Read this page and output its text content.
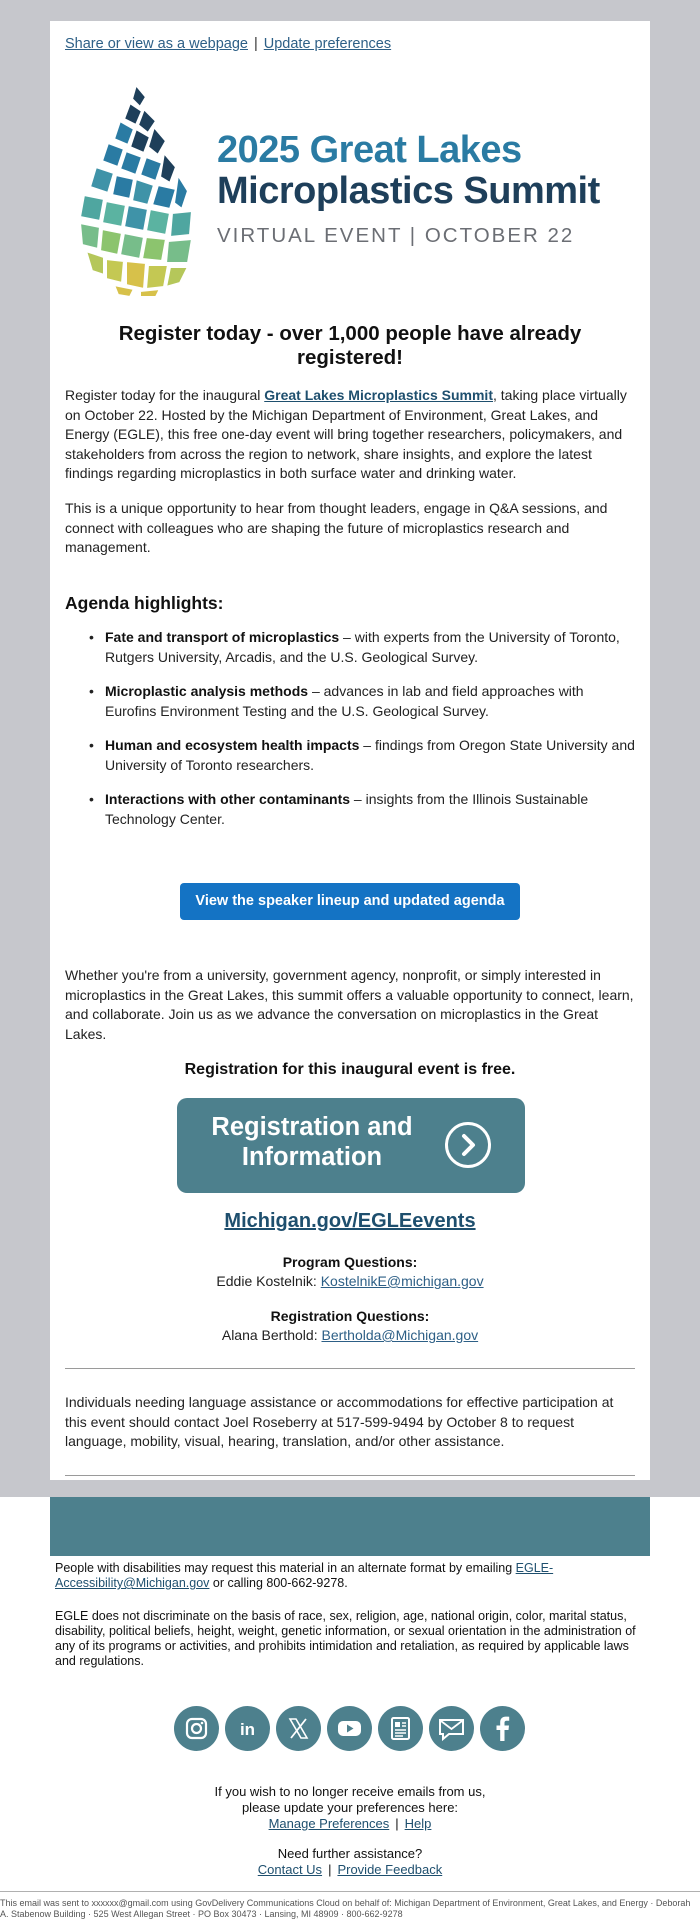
Share or view as a webpage | Update preferences
2025 Great Lakes
Microplastics Summit
VIRTUAL EVENT | OCTOBER 22
Register today - over 1,000 people have already registered!

Register today for the inaugural Great Lakes Microplastics Summit, taking place virtually on October 22. Hosted by the Michigan Department of Environment, Great Lakes, and Energy (EGLE), this free one-day event will bring together researchers, policymakers, and stakeholders from across the region to network, share insights, and explore the latest findings regarding microplastics in both surface water and drinking water.

This is a unique opportunity to hear from thought leaders, engage in Q&A sessions, and connect with colleagues who are shaping the future of microplastics research and management.

Agenda highlights:
• Fate and transport of microplastics – with experts from the University of Toronto, Rutgers University, Arcadis, and the U.S. Geological Survey.
• Microplastic analysis methods – advances in lab and field approaches with Eurofins Environment Testing and the U.S. Geological Survey.
• Human and ecosystem health impacts – findings from Oregon State University and University of Toronto researchers.
• Interactions with other contaminants – insights from the Illinois Sustainable Technology Center.
View the speaker lineup and updated agenda

Whether you're from a university, government agency, nonprofit, or simply interested in microplastics in the Great Lakes, this summit offers a valuable opportunity to connect, learn, and collaborate. Join us as we advance the conversation on microplastics in the Great Lakes.

Registration for this inaugural event is free.
Registration and
Information
Michigan.gov/EGLEevents
Program Questions:
Eddie Kostelnik: KostelnikE@michigan.gov
Registration Questions:
Alana Berthold: Bertholda@Michigan.gov

Individuals needing language assistance or accommodations for effective participation at this event should contact Joel Roseberry at 517-599-9494 by October 8 to request language, mobility, visual, hearing, translation, and/or other assistance.

People with disabilities may request this material in an alternate format by emailing EGLE-Accessibility@Michigan.gov or calling 800-662-9278.

EGLE does not discriminate on the basis of race, sex, religion, age, national origin, color, marital status, disability, political beliefs, height, weight, genetic information, or sexual orientation in the administration of any of its programs or activities, and prohibits intimidation and retaliation, as required by applicable laws and regulations.

in
If you wish to no longer receive emails from us,
please update your preferences here:
Manage Preferences | Help
Need further assistance?
Contact Us | Provide Feedback
This email was sent to xxxxxx@gmail.com using GovDelivery Communications Cloud on behalf of: Michigan Department of Environment, Great Lakes, and Energy · Deborah A. Stabenow Building · 525 West Allegan Street · PO Box 30473 · Lansing, MI 48909 · 800-662-9278
